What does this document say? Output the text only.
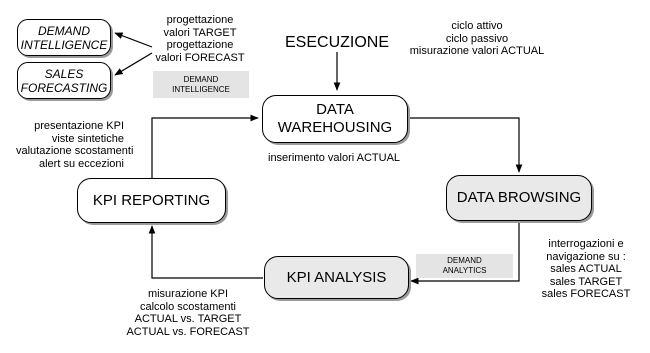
DEMAND
INTELLIGENCE
SALES
FORECASTING
progettazione
valori TARGET
progettazione
valori FORECAST
DEMAND
INTELLIGENCE
ESECUZIONE
ciclo attivo
ciclo passivo
misurazione valori ACTUAL
DATA
WAREHOUSING
inserimento valori ACTUAL
presentazione KPI
viste sintetiche
valutazione scostamenti
alert su eccezioni
KPI REPORTING	DATA BROWSING
DEMAND
ANALYTICS
interrogazioni e
navigazione su :
sales ACTUAL
sales TARGET
sales FORECAST
KPI ANALYSIS
misurazione KPI
calcolo scostamenti
ACTUAL vs. TARGET
ACTUAL vs. FORECAST
